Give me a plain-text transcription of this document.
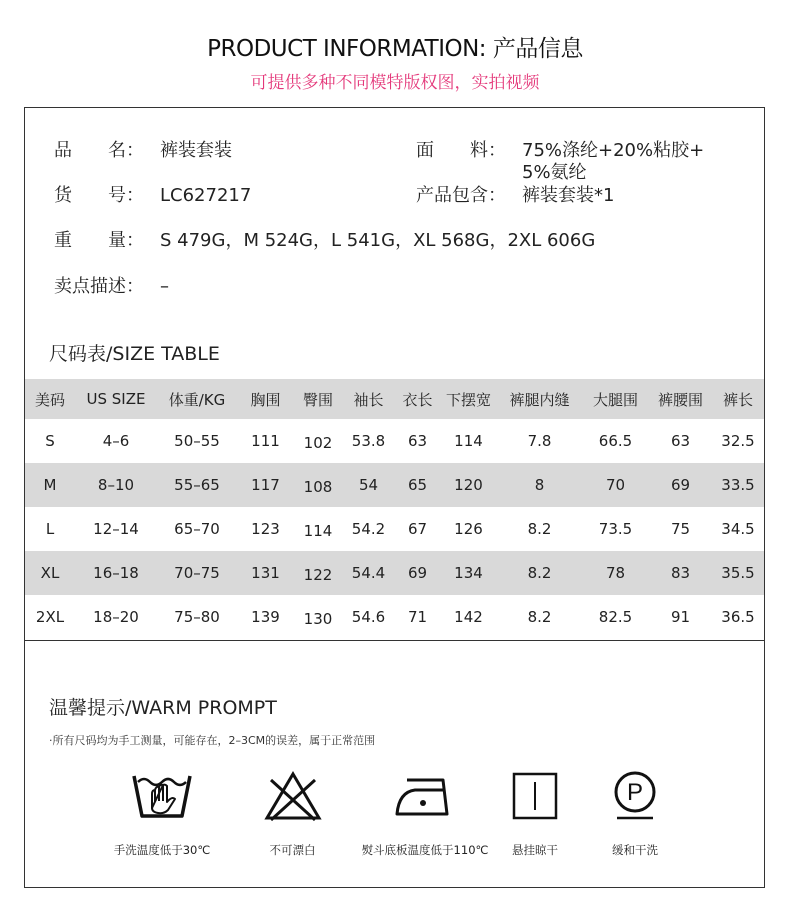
PRODUCT INFORMATION: 产品信息
可提供多种不同模特版权图，实拍视频
品　　名： 裤装套装	面　　料： 75%涤纶+20%粘胶+
5%氨纶
货　　号： LC627217	产品包含： 裤装套装*1
重　　量： S 479G，M 524G，L 541G，XL 568G，2XL 606G
卖点描述： –
尺码表/SIZE TABLE
美码	US SIZE	体重/KG	胸围	臀围	袖长	衣长	下摆宽	裤腿内缝	大腿围	裤腰围	裤长
S	4–6	50–55	111	102	53.8	63	114	7.8	66.5	63	32.5
M	8–10	55–65	117	108	54	65	120	8	70	69	33.5
L	12–14	65–70	123	114	54.2	67	126	8.2	73.5	75	34.5
XL	16–18	70–75	131	122	54.4	69	134	8.2	78	83	35.5
2XL	18–20	75–80	139	130	54.6	71	142	8.2	82.5	91	36.5
温馨提示/WARM PROMPT
·所有尺码均为手工测量，可能存在，2–3CM的误差，属于正常范围
手洗温度低于30℃	不可漂白	熨斗底板温度低于110℃	悬挂晾干
P
缓和干洗
